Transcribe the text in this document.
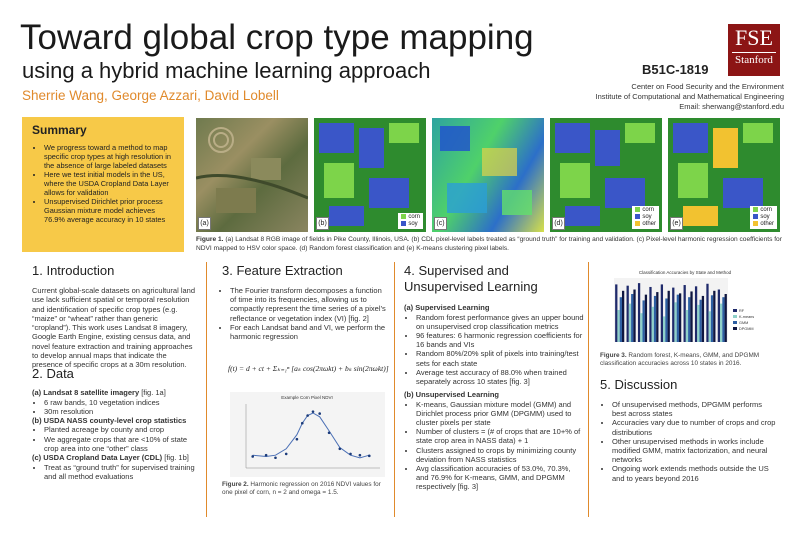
Toward global crop type mapping
using a hybrid machine learning approach
Sherrie Wang, George Azzari, David Lobell
FSE
Stanford
B51C-1819
Center on Food Security and the Environment
Institute of Computational and Mathematical Engineering
Email: sherwang@stanford.edu
Summary
• We progress toward a method to map specific crop types at high resolution in the absence of large labeled datasets
• Here we test initial models in the US, where the USDA Cropland Data Layer allows for validation
• Unsupervised Dirichlet prior process Gaussian mixture model achieves 76.9% average accuracy in 10 states	(a)	(b)
corn
soy	(c)	(d)
corn
soy
other	(e)
corn
soy
other
Figure 1. (a) Landsat 8 RGB image of fields in Pike County, Illinois, USA. (b) CDL pixel-level labels treated as “ground truth” for training and validation. (c) Pixel-level harmonic regression coefficients for NDVI mapped to HSV color space. (d) Random forest classification and (e) K-means clustering pixel labels.
1. Introduction
Current global-scale datasets on agricultural land use lack sufficient spatial or temporal resolution and identification of specific crop types (e.g. “maize” or “wheat” rather than generic “cropland”). This work uses Landsat 8 imagery, Google Earth Engine, existing census data, and novel feature extraction and training approaches to develop annual maps that indicate the presence of specific crops at a 30m resolution.
2. Data
(a) Landsat 8 satellite imagery [fig. 1a]
• 6 raw bands, 10 vegetation indices
• 30m resolution
(b) USDA NASS county-level crop statistics
• Planted acreage by county and crop
• We aggregate crops that are <10% of state crop area into one “other” class
(c) USDA Cropland Data Layer (CDL) [fig. 1b]
• Treat as “ground truth” for supervised training and all method evaluations
3. Feature Extraction
• The Fourier transform decomposes a function of time into its frequencies, allowing us to compactly represent the time series of a pixel’s reflectance or vegetation index (VI) [fig. 2]
• For each Landsat band and VI, we perform the harmonic regression
f(t) = d + ct + Σₖ₌₁ⁿ [aₖ cos(2πωkt) + bₖ sin(2πωkt)]
Example Corn Pixel NDVI
Figure 2. Harmonic regression on 2016 NDVI values for one pixel of corn, n = 2 and omega = 1.5.
4. Supervised and Unsupervised Learning
(a) Supervised Learning
• Random forest performance gives an upper bound on unsupervised crop classification metrics
• 96 features: 6 harmonic regression coefficients for 16 bands and VIs
• Random 80%/20% split of pixels into training/test sets for each state
• Average test accuracy of 88.0% when trained separately across 10 states [fig. 3]
(b) Unsupervised Learning
• K-means, Gaussian mixture model (GMM) and Dirichlet process prior GMM (DPGMM) used to cluster pixels per state
• Number of clusters = (# of crops that are 10+% of state crop area in NASS data) + 1
• Clusters assigned to crops by minimizing county deviation from NASS statistics
• Avg classification accuracies of 53.0%, 70.3%, and 76.9% for K-means, GMM, and DPGMM respectively [fig. 3]
Classification Accuracies by State and Method
RF
K-means
GMM
DPGMM
Figure 3. Random forest, K-means, GMM, and DPGMM classification accuracies across 10 states in 2016.
5. Discussion
• Of unsupervised methods, DPGMM performs best across states
• Accuracies vary due to number of crops and crop distributions
• Other unsupervised methods in works include modified GMM, matrix factorization, and neural networks
• Ongoing work extends methods outside the US and to years beyond 2016
